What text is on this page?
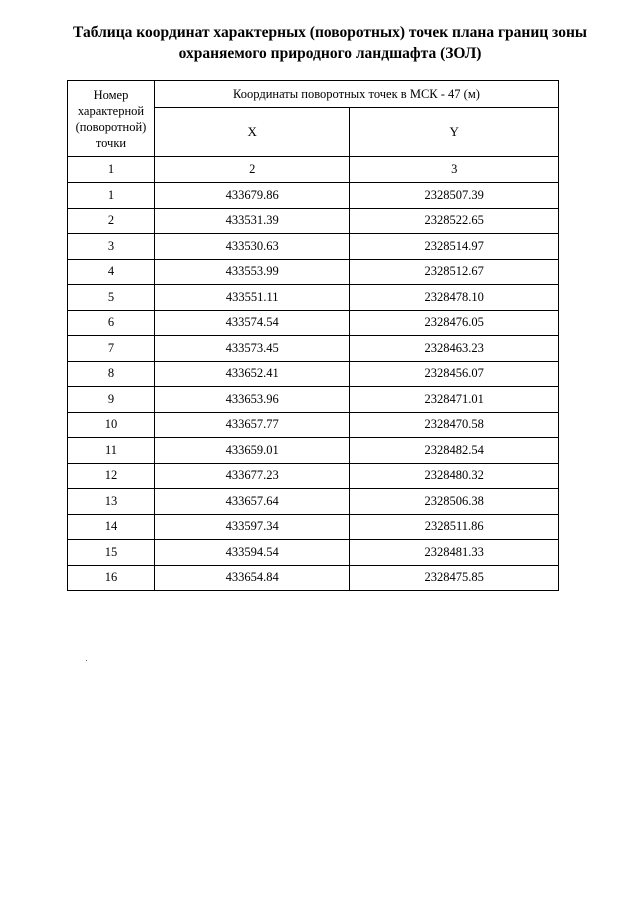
Таблица координат характерных (поворотных) точек плана границ зоны
охраняемого природного ландшафта (ЗОЛ)
Номер
характерной
(поворотной)
точки	Координаты поворотных точек в МСК - 47 (м)	
	X	Y
1	2	3
1	433679.86	2328507.39
2	433531.39	2328522.65
3	433530.63	2328514.97
4	433553.99	2328512.67
5	433551.11	2328478.10
6	433574.54	2328476.05
7	433573.45	2328463.23
8	433652.41	2328456.07
9	433653.96	2328471.01
10	433657.77	2328470.58
11	433659.01	2328482.54
12	433677.23	2328480.32
13	433657.64	2328506.38
14	433597.34	2328511.86
15	433594.54	2328481.33
16	433654.84	2328475.85
